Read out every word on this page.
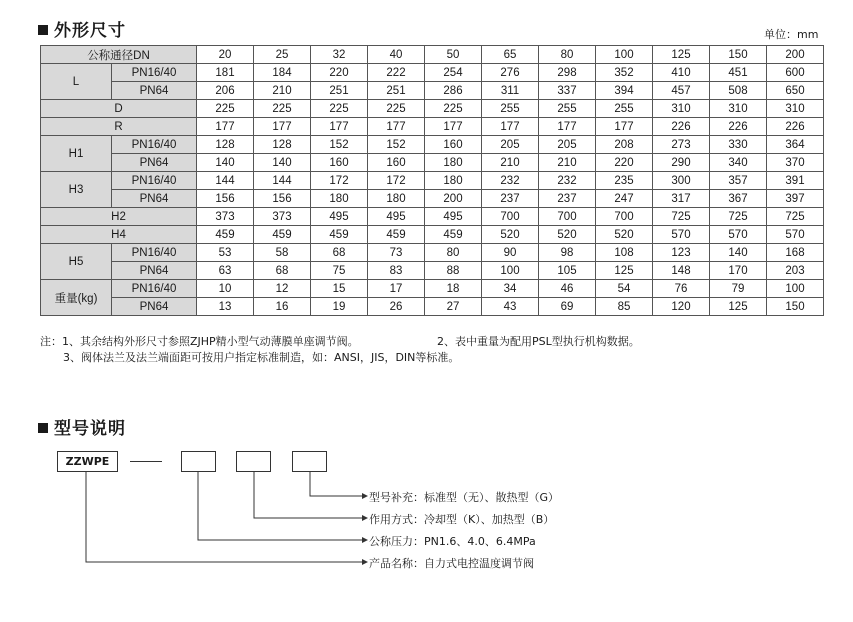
外形尺寸	单位：mm
公称通径DN		20	25	32	40	50	65	80	100	125	150	200
L	PN16/40	181	184	220	222	254	276	298	352	410	451	600
	PN64	206	210	251	251	286	311	337	394	457	508	650
D		225	225	225	225	225	255	255	255	310	310	310
R		177	177	177	177	177	177	177	177	226	226	226
H1	PN16/40	128	128	152	152	160	205	205	208	273	330	364
	PN64	140	140	160	160	180	210	210	220	290	340	370
H3	PN16/40	144	144	172	172	180	232	232	235	300	357	391
	PN64	156	156	180	180	200	237	237	247	317	367	397
H2		373	373	495	495	495	700	700	700	725	725	725
H4		459	459	459	459	459	520	520	520	570	570	570
H5	PN16/40	53	58	68	73	80	90	98	108	123	140	168
	PN64	63	68	75	83	88	100	105	125	148	170	203
重量(kg)	PN16/40	10	12	15	17	18	34	46	54	76	79	100
	PN64	13	16	19	26	27	43	69	85	120	125	150
注：1、其余结构外形尺寸参照ZJHP精小型气动薄膜单座调节阀。	2、表中重量为配用PSL型执行机构数据。
3、阀体法兰及法兰端面距可按用户指定标准制造，如：ANSI，JIS，DIN等标准。
型号说明
ZZWPE
型号补充：标准型（无）、散热型（G）
作用方式：冷却型（K）、加热型（B）
公称压力：PN1.6、4.0、6.4MPa
产品名称：自力式电控温度调节阀
